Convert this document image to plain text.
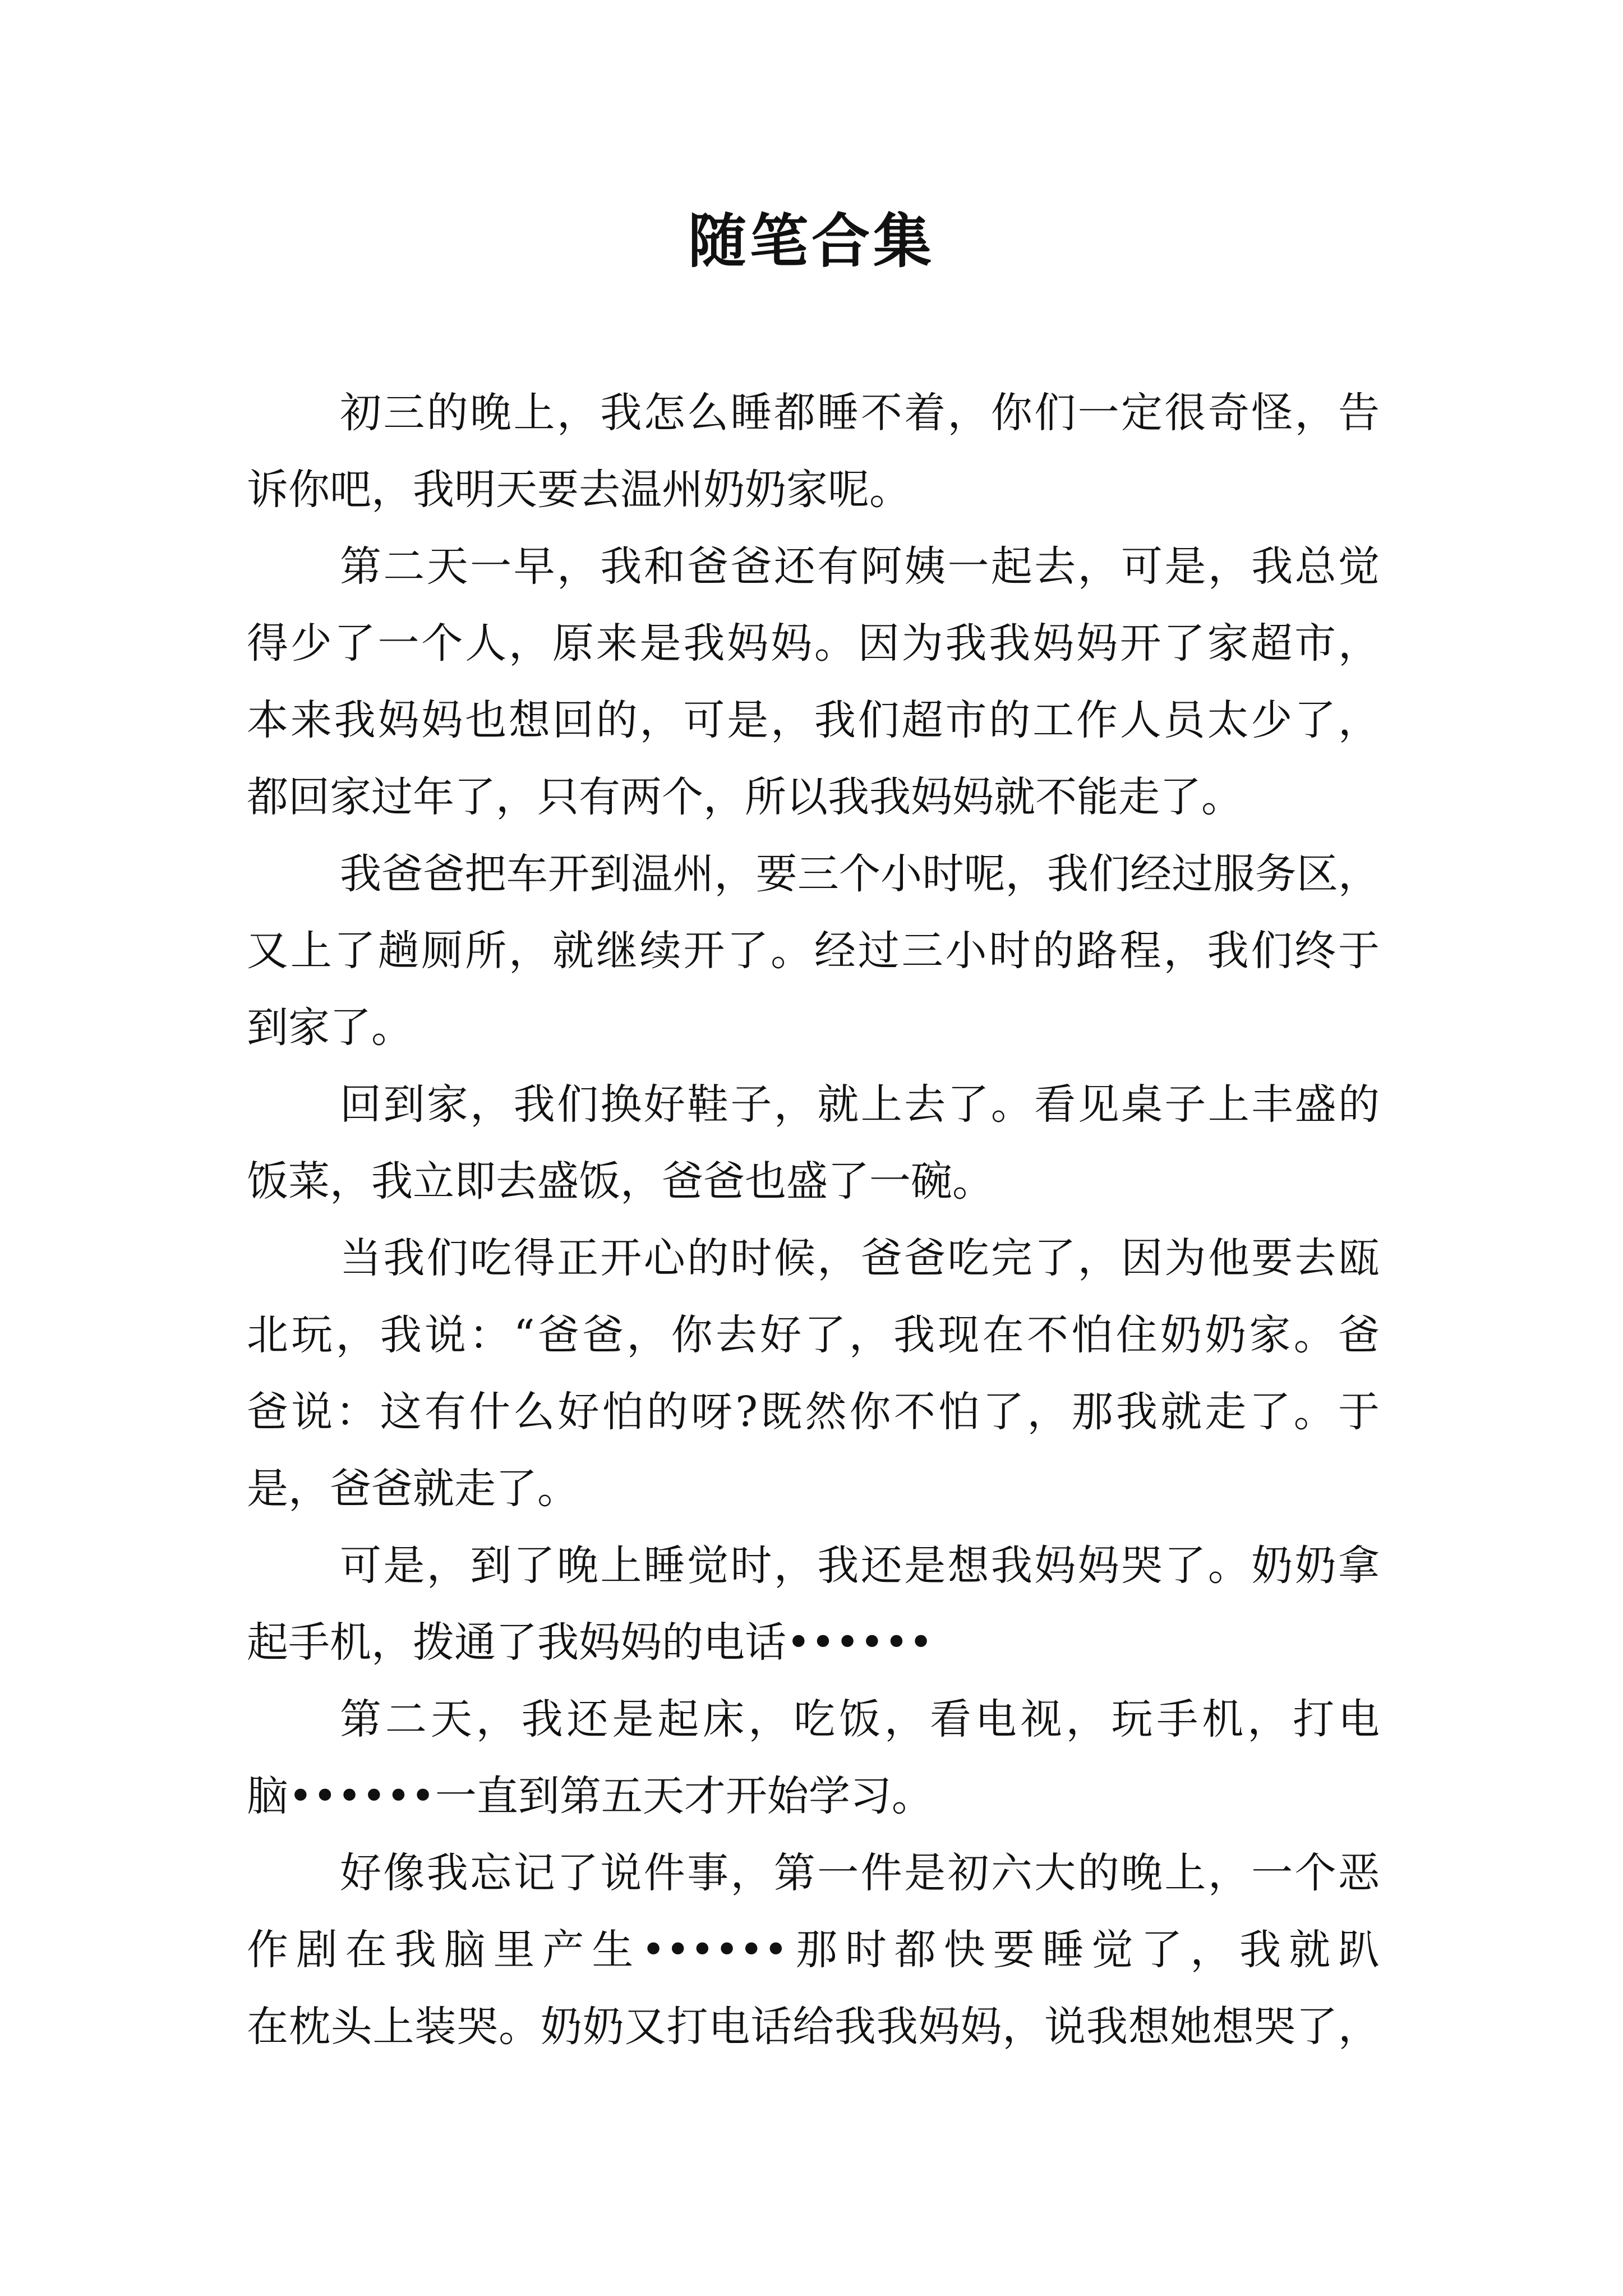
随笔合集
初三的晚上，我怎么睡都睡不着，你们一定很奇怪，告
诉你吧，我明天要去温州奶奶家呢。
第二天一早，我和爸爸还有阿姨一起去，可是，我总觉
得少了一个人，原来是我妈妈。因为我我妈妈开了家超市，
本来我妈妈也想回的，可是，我们超市的工作人员太少了，
都回家过年了，只有两个，所以我我妈妈就不能走了。
我爸爸把车开到温州，要三个小时呢，我们经过服务区，
又上了趟厕所，就继续开了。经过三小时的路程，我们终于
到家了。
回到家，我们换好鞋子，就上去了。看见桌子上丰盛的
饭菜，我立即去盛饭，爸爸也盛了一碗。
当我们吃得正开心的时候，爸爸吃完了，因为他要去瓯
北玩，我说：“爸爸，你去好了，我现在不怕住奶奶家。爸
爸说：这有什么好怕的呀?既然你不怕了，那我就走了。于
是，爸爸就走了。
可是，到了晚上睡觉时，我还是想我妈妈哭了。奶奶拿
起手机，拨通了我妈妈的电话••••••
第二天，我还是起床，吃饭，看电视，玩手机，打电
脑••••••一直到第五天才开始学习。
好像我忘记了说件事，第一件是初六大的晚上，一个恶
作剧在我脑里产生••••••那时都快要睡觉了，我就趴
在枕头上装哭。奶奶又打电话给我我妈妈，说我想她想哭了，
